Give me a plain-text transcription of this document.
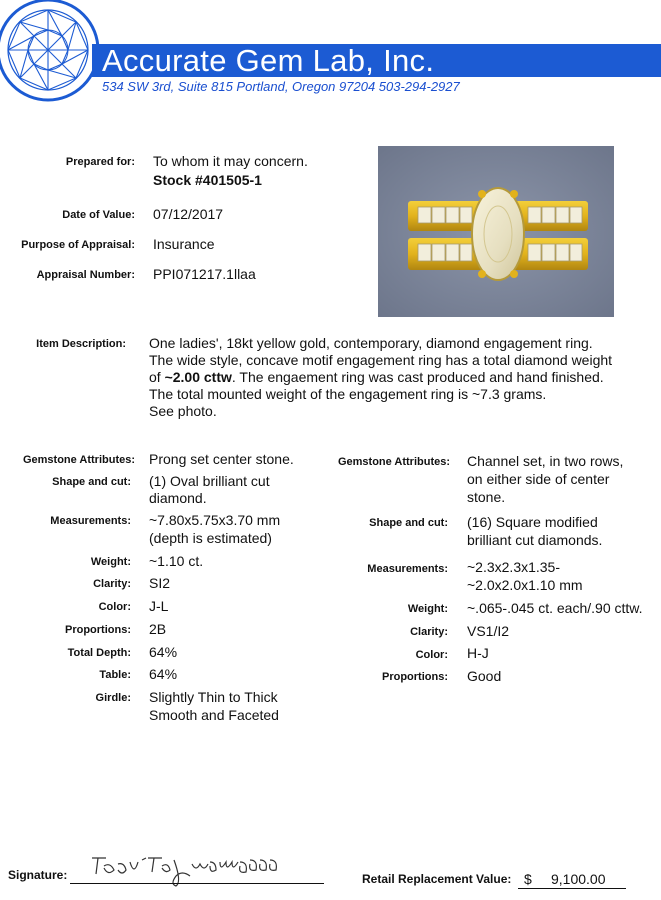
Accurate Gem Lab, Inc.
534 SW 3rd, Suite 815 Portland, Oregon 97204 503-294-2927
Prepared for: To whom it may concern.
Stock #401505-1
Date of Value: 07/12/2017
Purpose of Appraisal: Insurance
Appraisal Number: PPI071217.1llaa
Item Description: One ladies', 18kt yellow gold, contemporary, diamond engagement ring.
The wide style, concave motif engagement ring has a total diamond weight
of ~2.00 cttw. The engaement ring was cast produced and hand finished.
The total mounted weight of the engagement ring is ~7.3 grams.
See photo.
Gemstone Attributes: Prong set center stone.
Shape and cut: (1) Oval brilliant cut
diamond.
Measurements: ~7.80x5.75x3.70 mm
(depth is estimated)
Weight: ~1.10 ct.
Clarity: SI2
Color: J-L
Proportions: 2B
Total Depth: 64%
Table: 64%
Girdle: Slightly Thin to Thick
Smooth and Faceted
Gemstone Attributes: Channel set, in two rows,
on either side of center
stone.
Shape and cut: (16) Square modified
brilliant cut diamonds.
Measurements: ~2.3x2.3x1.35-
~2.0x2.0x1.10 mm
Weight: ~.065-.045 ct. each/.90 cttw.
Clarity: VS1/I2
Color: H-J
Proportions: Good
Signature:	Retail Replacement Value: $ 9,100.00
